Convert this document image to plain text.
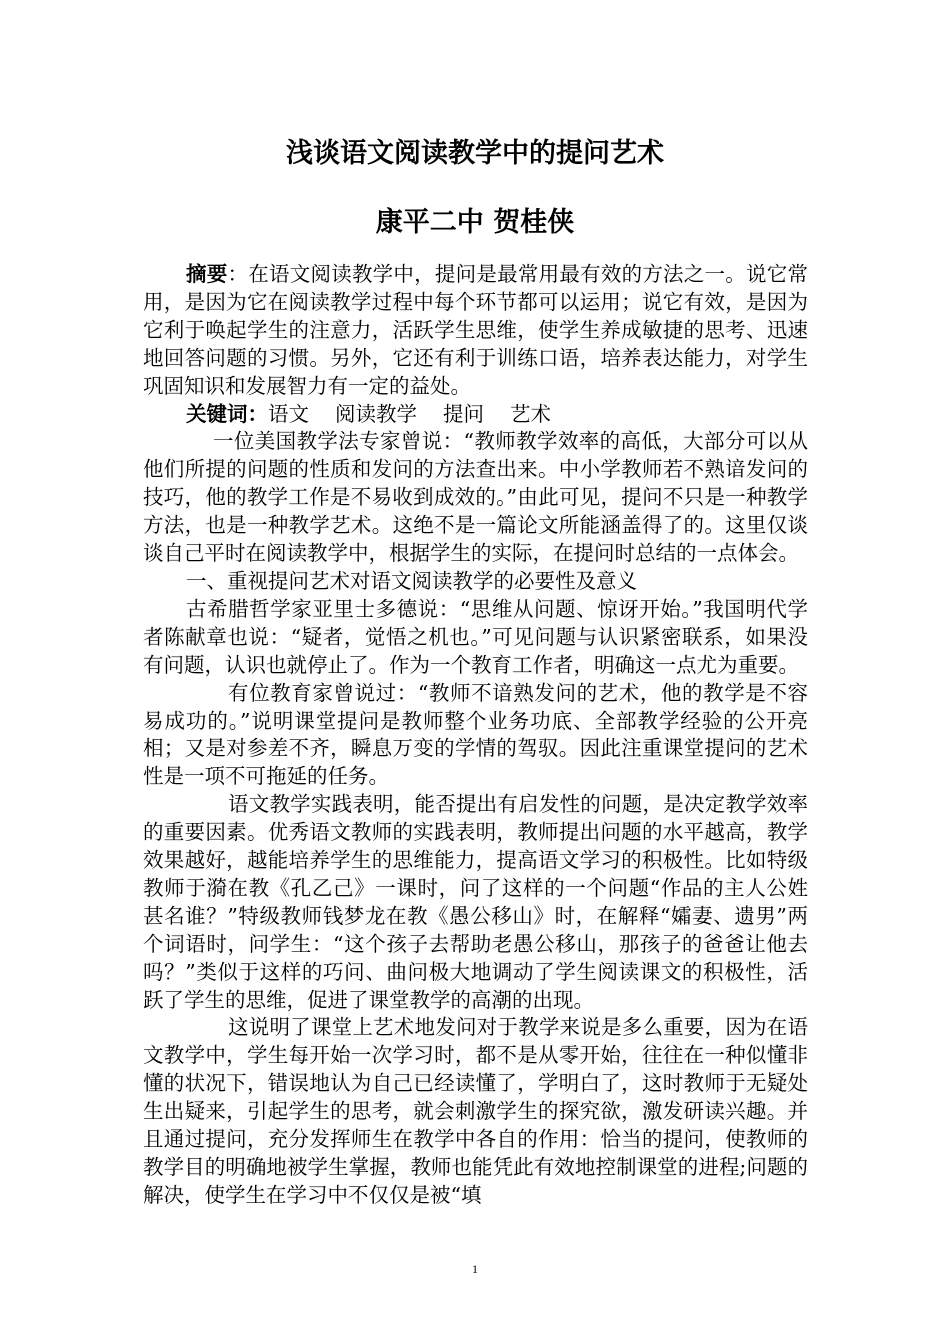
浅谈语文阅读教学中的提问艺术
康平二中 贺桂侠

摘要：在语文阅读教学中，提问是最常用最有效的方法之一。说它常用，是因为它在阅读教学过程中每个环节都可以运用；说它有效，是因为它利于唤起学生的注意力，活跃学生思维，使学生养成敏捷的思考、迅速地回答问题的习惯。另外，它还有利于训练口语，培养表达能力，对学生巩固知识和发展智力有一定的益处。

关键词：语文 阅读教学 提问 艺术

一位美国教学法专家曾说：“教师教学效率的高低，大部分可以从他们所提的问题的性质和发问的方法查出来。中小学教师若不熟谙发问的技巧，他的教学工作是不易收到成效的。”由此可见，提问不只是一种教学方法，也是一种教学艺术。这绝不是一篇论文所能涵盖得了的。这里仅谈谈自己平时在阅读教学中，根据学生的实际，在提问时总结的一点体会。

一、重视提问艺术对语文阅读教学的必要性及意义

古希腊哲学家亚里士多德说：“思维从问题、惊讶开始。”我国明代学者陈献章也说：“疑者，觉悟之机也。”可见问题与认识紧密联系，如果没有问题，认识也就停止了。作为一个教育工作者，明确这一点尤为重要。

有位教育家曾说过：“教师不谙熟发问的艺术，他的教学是不容易成功的。”说明课堂提问是教师整个业务功底、全部教学经验的公开亮相；又是对参差不齐，瞬息万变的学情的驾驭。因此注重课堂提问的艺术性是一项不可拖延的任务。

语文教学实践表明，能否提出有启发性的问题，是决定教学效率的重要因素。优秀语文教师的实践表明，教师提出问题的水平越高，教学效果越好，越能培养学生的思维能力，提高语文学习的积极性。比如特级教师于漪在教《孔乙己》一课时，问了这样的一个问题“作品的主人公姓甚名谁？”特级教师钱梦龙在教《愚公移山》时，在解释“孀妻、遗男”两个词语时，问学生：“这个孩子去帮助老愚公移山，那孩子的爸爸让他去吗？”类似于这样的巧问、曲问极大地调动了学生阅读课文的积极性，活跃了学生的思维，促进了课堂教学的高潮的出现。

这说明了课堂上艺术地发问对于教学来说是多么重要，因为在语文教学中，学生每开始一次学习时，都不是从零开始，往往在一种似懂非懂的状况下，错误地认为自己已经读懂了，学明白了，这时教师于无疑处生出疑来，引起学生的思考，就会刺激学生的探究欲，激发研读兴趣。并且通过提问，充分发挥师生在教学中各自的作用：恰当的提问，使教师的教学目的明确地被学生掌握，教师也能凭此有效地控制课堂的进程;问题的解决，使学生在学习中不仅仅是被“填

1
